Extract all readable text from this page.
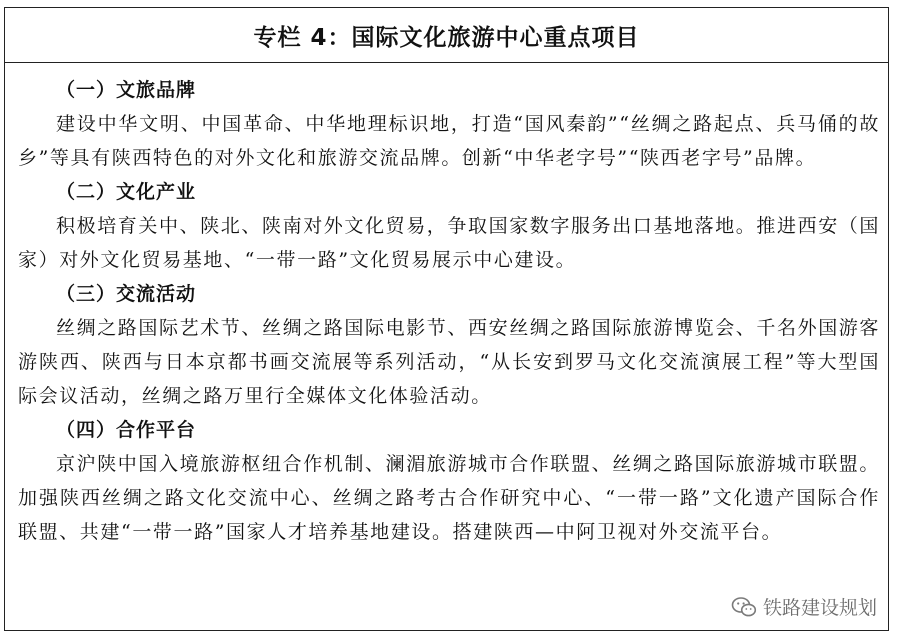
专栏 4：国际文化旅游中心重点项目
（一）文旅品牌

建设中华文明、中国革命、中华地理标识地，打造“国风秦韵”“丝绸之路起点、兵马俑的故乡”等具有陕西特色的对外文化和旅游交流品牌。创新“中华老字号”“陕西老字号”品牌。

（二）文化产业

积极培育关中、陕北、陕南对外文化贸易，争取国家数字服务出口基地落地。推进西安（国家）对外文化贸易基地、“一带一路”文化贸易展示中心建设。

（三）交流活动

丝绸之路国际艺术节、丝绸之路国际电影节、西安丝绸之路国际旅游博览会、千名外国游客游陕西、陕西与日本京都书画交流展等系列活动，“从长安到罗马文化交流演展工程”等大型国际会议活动，丝绸之路万里行全媒体文化体验活动。

（四）合作平台

京沪陕中国入境旅游枢纽合作机制、澜湄旅游城市合作联盟、丝绸之路国际旅游城市联盟。加强陕西丝绸之路文化交流中心、丝绸之路考古合作研究中心、“一带一路”文化遗产国际合作联盟、共建“一带一路”国家人才培养基地建设。搭建陕西—中阿卫视对外交流平台。

铁路建设规划
